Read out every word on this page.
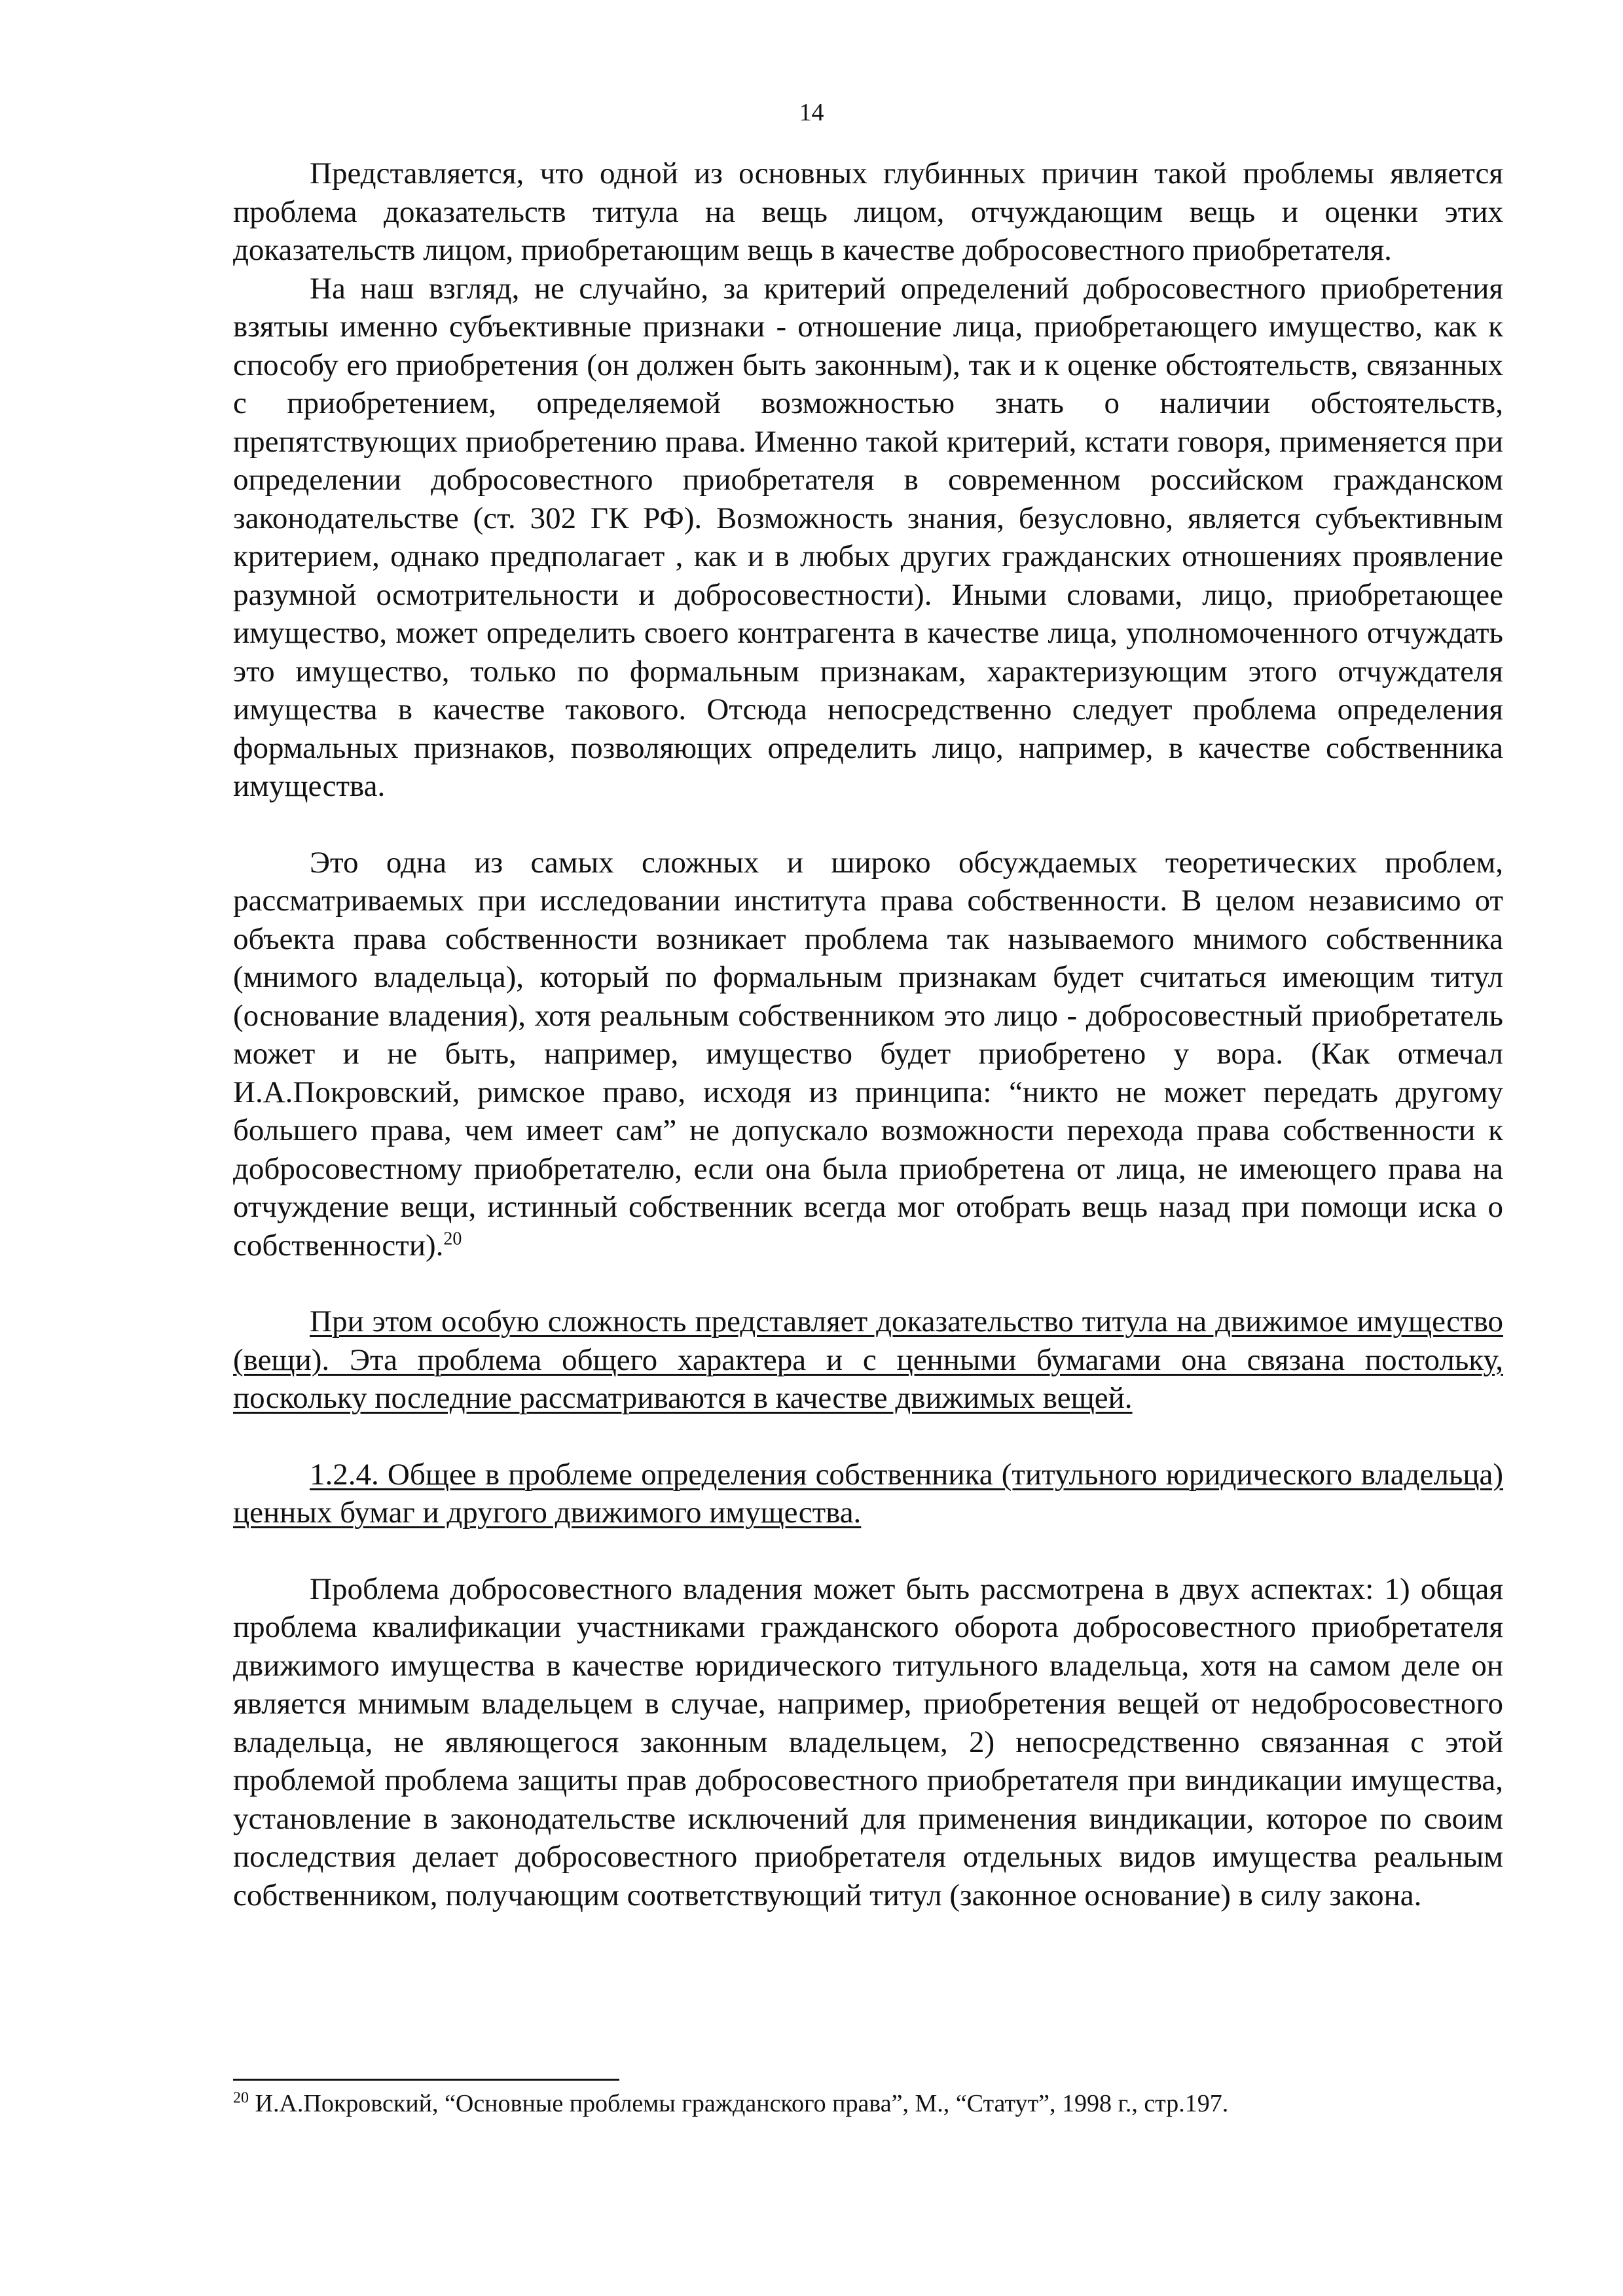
14

Представляется, что одной из основных глубинных причин такой проблемы является проблема доказательств титула на вещь лицом, отчуждающим вещь и оценки этих доказательств лицом, приобретающим вещь в качестве добросовестного приобретателя.

На наш взгляд, не случайно, за критерий определений добросовестного приобретения взятыы именно субъективные признаки - отношение лица, приобретающего имущество, как к способу его приобретения (он должен быть законным), так и к оценке обстоятельств, связанных с приобретением, определяемой возможностью знать о наличии обстоятельств, препятствующих приобретению права. Именно такой критерий, кстати говоря, применяется при определении добросовестного приобретателя в современном российском гражданском законодательстве (ст. 302 ГК РФ). Возможность знания, безусловно, является субъективным критерием, однако предполагает , как и в любых других гражданских отношениях проявление разумной осмотрительности и добросовестности). Иными словами, лицо, приобретающее имущество, может определить своего контрагента в качестве лица, уполномоченного отчуждать это имущество, только по формальным признакам, характеризующим этого отчуждателя имущества в качестве такового. Отсюда непосредственно следует проблема определения формальных признаков, позволяющих определить лицо, например, в качестве собственника имущества.

Это одна из самых сложных и широко обсуждаемых теоретических проблем, рассматриваемых при исследовании института права собственности. В целом независимо от объекта права собственности возникает проблема так называемого мнимого собственника (мнимого владельца), который по формальным признакам будет считаться имеющим титул (основание владения), хотя реальным собственником это лицо - добросовестный приобретатель может и не быть, например, имущество будет приобретено у вора. (Как отмечал И.А.Покровский, римское право, исходя из принципа: “никто не может передать другому большего права, чем имеет сам” не допускало возможности перехода права собственности к добросовестному приобретателю, если она была приобретена от лица, не имеющего права на отчуждение вещи, истинный собственник всегда мог отобрать вещь назад при помощи иска о собственности).$^{20}$

При этом особую сложность представляет доказательство титула на движимое имущество (вещи). Эта проблема общего характера и с ценными бумагами она связана постольку, поскольку последние рассматриваются в качестве движимых вещей.

1.2.4. Общее в проблеме определения собственника (титульного юридического владельца) ценных бумаг и другого движимого имущества.

Проблема добросовестного владения может быть рассмотрена в двух аспектах: 1) общая проблема квалификации участниками гражданского оборота добросовестного приобретателя движимого имущества в качестве юридического титульного владельца, хотя на самом деле он является мнимым владельцем в случае, например, приобретения вещей от недобросовестного владельца, не являющегося законным владельцем, 2) непосредственно связанная с этой проблемой проблема защиты прав добросовестного приобретателя при виндикации имущества, установление в законодательстве исключений для применения виндикации, которое по своим последствия делает добросовестного приобретателя отдельных видов имущества реальным собственником, получающим соответствующий титул (законное основание) в силу закона.

$^{20}$ И.А.Покровский, “Основные проблемы гражданского права”, М., “Статут”, 1998 г., стр.197.
